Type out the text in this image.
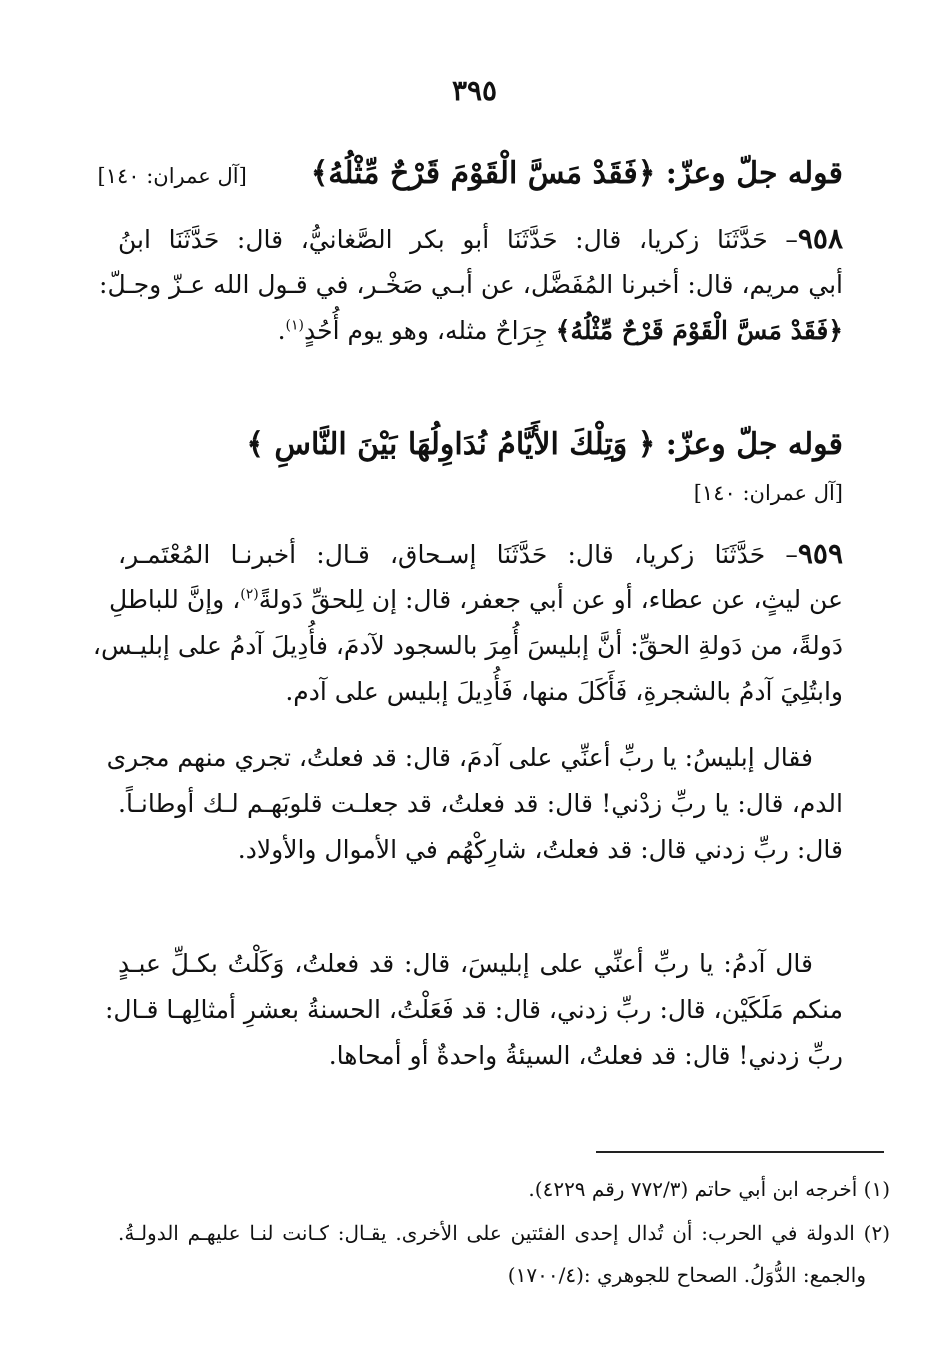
٣٩٥
قوله جلّ وعزّ: ﴿فَقَدْ مَسَّ الْقَوْمَ قَرْحٌ مِّثْلُهُ﴾  [آل عمران: ١٤٠]
٩٥٨– حَدَّثَنَا زكريا، قال: حَدَّثَنَا أبو بكر الصَّغانيُّ، قال: حَدَّثَنَا ابنُ
أبي مريم، قال: أخبرنا المُفَضَّل، عن أبـي صَخْـر، في قـول الله عـزّ وجـلّ:
﴿فَقَدْ مَسَّ الْقَوْمَ قَرْحٌ مِّثْلُهُ﴾ جِرَاحٌ مثله، وهو يوم أُحُدٍ$^{(١)}$.
قوله جلّ وعزّ: ﴿ وَتِلْكَ الأَيَّامُ نُدَاوِلُهَا بَيْنَ النَّاسِ ﴾
[آل عمران: ١٤٠]
٩٥٩– حَدَّثَنَا زكريا، قال: حَدَّثَنَا إسـحاق، قـال: أخبرنـا المُعْتَمـر،
عن ليثٍ، عن عطاء، أو عن أبي جعفر، قال: إن لِلحقِّ دَولةً$^{(٢)}$، وإنَّ للباطلِ
دَولةً، من دَولةِ الحقِّ: أنَّ إبليسَ أُمِرَ بالسجود لآدمَ، فأُدِيلَ آدمُ على إبليـس،
وابتُلِيَ آدمُ بالشجرةِ، فَأَكَلَ منها، فَأُدِيلَ إبليس على آدم.
فقال إبليسُ: يا ربِّ أعنِّي على آدمَ، قال: قد فعلتُ، تجري منهم مجرى
الدم، قال: يا ربِّ زدْني! قال: قد فعلتُ، قد جعلـت قلوبَهـم لـك أوطانـاً.
قال: ربِّ زدني قال: قد فعلتُ، شارِكْهُم في الأموال والأولاد.
قال آدمُ: يا ربِّ أعنِّي على إبليسَ، قال: قد فعلتُ، وَكَلْتُ بكـلِّ عبـدٍ
منكم مَلَكَيْن، قال: ربِّ زدني، قال: قد فَعَلْتُ، الحسنةُ بعشرِ أمثالِهـا قـال:
ربِّ زدني! قال: قد فعلتُ، السيئةُ واحدةٌ أو أمحاها.
(١) أخرجه ابن أبي حاتم (٧٧٢/٣ رقم ٤٢٢٩).
(٢) الدولة في الحرب: أن تُدال إحدى الفئتين على الأخرى. يقـال: كـانت لنـا عليهـم الدولـةُ.
والجمع: الدُّوَلُ. الصحاح للجوهري :(١٧٠٠/٤)
